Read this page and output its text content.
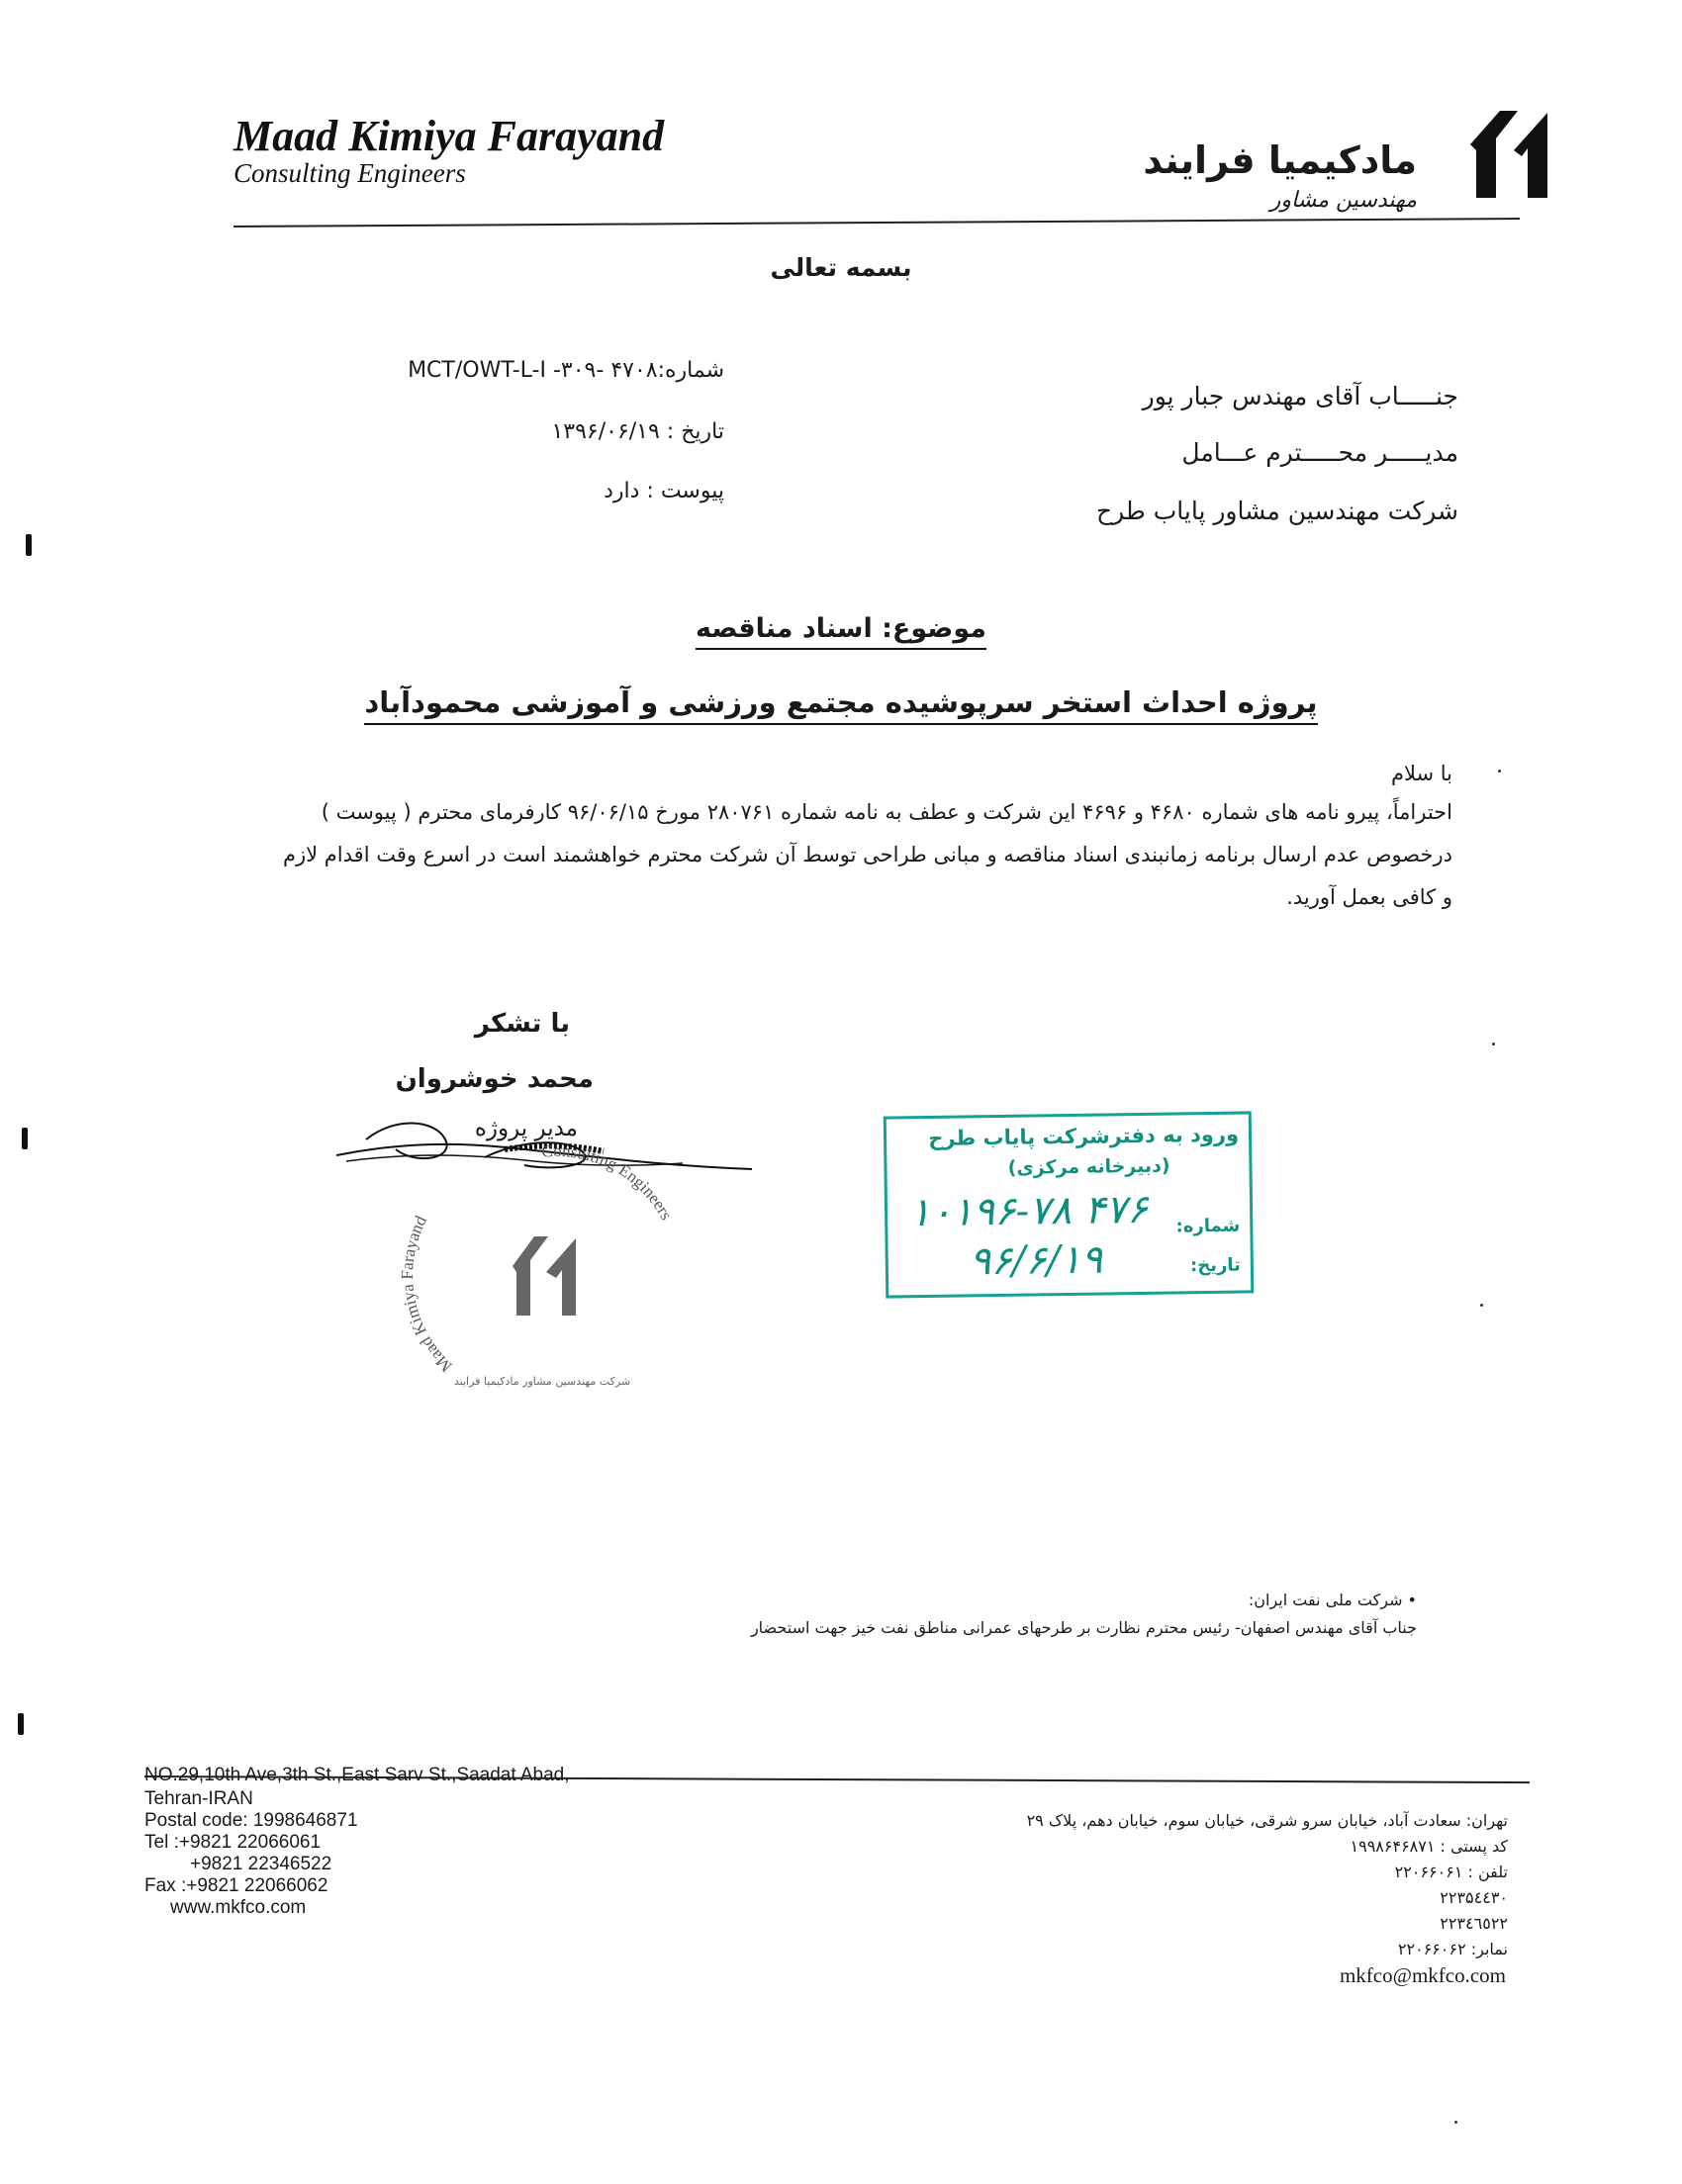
Maad Kimiya Farayand
Consulting Engineers	مادکیمیا فرایند
مهندسین مشاور
بسمه تعالی
شماره:۴۷۰۸ -MCT/OWT-L-I -۳۰۹
تاریخ : ۱۳۹۶/۰۶/۱۹
پیوست : دارد
جنـــــاب آقای مهندس جبار پور
مدیـــــر محـــــترم عـــامل
شرکت مهندسین مشاور پایاب طرح
موضوع: اسناد مناقصه
پروژه احداث استخر سرپوشیده مجتمع ورزشی و آموزشی محمودآباد
با سلام
احتراماً، پیرو نامه های شماره ۴۶۸۰ و ۴۶۹۶ این شرکت و عطف به نامه شماره ۲۸۰۷۶۱ مورخ ۹۶/۰۶/۱۵ کارفرمای محترم ( پیوست ) درخصوص عدم ارسال برنامه زمانبندی اسناد مناقصه و مبانی طراحی توسط آن شرکت محترم خواهشمند است در اسرع وقت اقدام لازم و کافی بعمل آورید.
با تشکر
محمد خوشروان
مدیر پروژه
Maad Kimiya Farayand
Consulting Engineers
شرکت مهندسین مشاور مادکیمیا فرایند
ورود به دفترشرکت پایاب طرح
(دبیرخانه مرکزی)
شماره:
۱۰۱۹۶-۷۸ ۴۷۶
تاریخ:
۹۶/۶/۱۹
• شرکت ملی نفت ایران:
جناب آقای مهندس اصفهان- رئیس محترم نظارت بر طرحهای عمرانی مناطق نفت خیز جهت استحضار
NO.29,10th Ave,3th St.,East Sarv St.,Saadat Abad,
Tehran-IRAN
Postal code: 1998646871
Tel :+9821 22066061
+9821 22346522
Fax :+9821 22066062
www.mkfco.com
تهران: سعادت آباد، خیابان سرو شرقی، خیابان سوم، خیابان دهم، پلاک ۲۹
کد پستی : ۱۹۹۸۶۴۶۸۷۱
تلفن : ۲۲۰۶۶۰۶۱
۲۲۳۵٤٤٣٠
۲۲۳٤٦٥٢٢
نمابر: ۲۲۰۶۶۰۶۲
mkfco@mkfco.com
